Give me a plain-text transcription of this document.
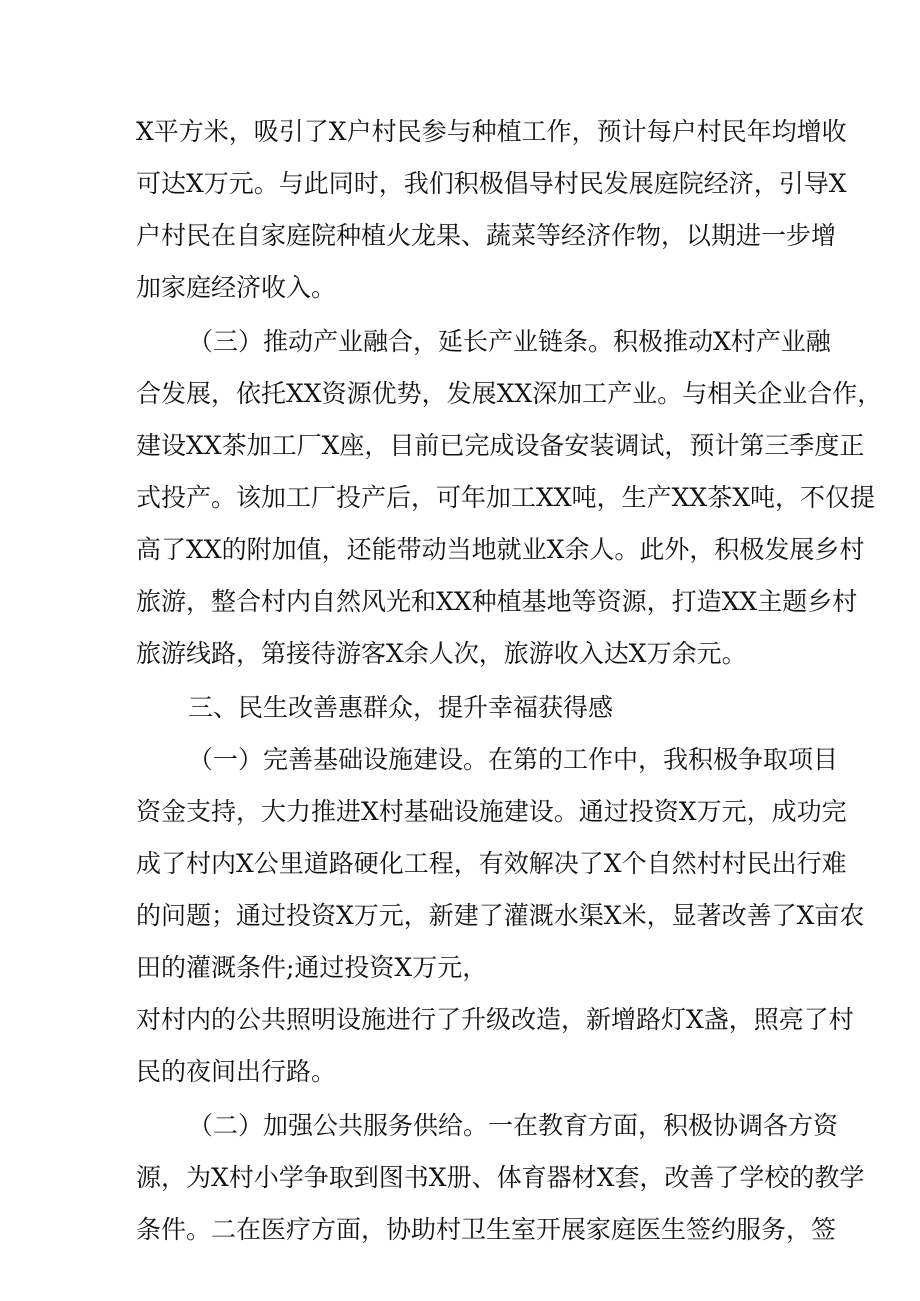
X平方米，吸引了X户村民参与种植工作，预计每户村民年均增收
可达X万元。与此同时，我们积极倡导村民发展庭院经济，引导X
户村民在自家庭院种植火龙果、蔬菜等经济作物，以期进一步增
加家庭经济收入。
（三）推动产业融合，延长产业链条。积极推动X村产业融
合发展，依托XX资源优势，发展XX深加工产业。与相关企业合作，
建设XX茶加工厂X座，目前已完成设备安装调试，预计第三季度正
式投产。该加工厂投产后，可年加工XX吨，生产XX茶X吨，不仅提
高了XX的附加值，还能带动当地就业X余人。此外，积极发展乡村
旅游，整合村内自然风光和XX种植基地等资源，打造XX主题乡村
旅游线路，第接待游客X余人次，旅游收入达X万余元。
三、民生改善惠群众，提升幸福获得感
（一）完善基础设施建设。在第的工作中，我积极争取项目
资金支持，大力推进X村基础设施建设。通过投资X万元，成功完
成了村内X公里道路硬化工程，有效解决了X个自然村村民出行难
的问题；通过投资X万元，新建了灌溉水渠X米，显著改善了X亩农
田的灌溉条件;通过投资X万元，
对村内的公共照明设施进行了升级改造，新增路灯X盏，照亮了村
民的夜间出行路。
（二）加强公共服务供给。一在教育方面，积极协调各方资
源，为X村小学争取到图书X册、体育器材X套，改善了学校的教学
条件。二在医疗方面，协助村卫生室开展家庭医生签约服务，签
